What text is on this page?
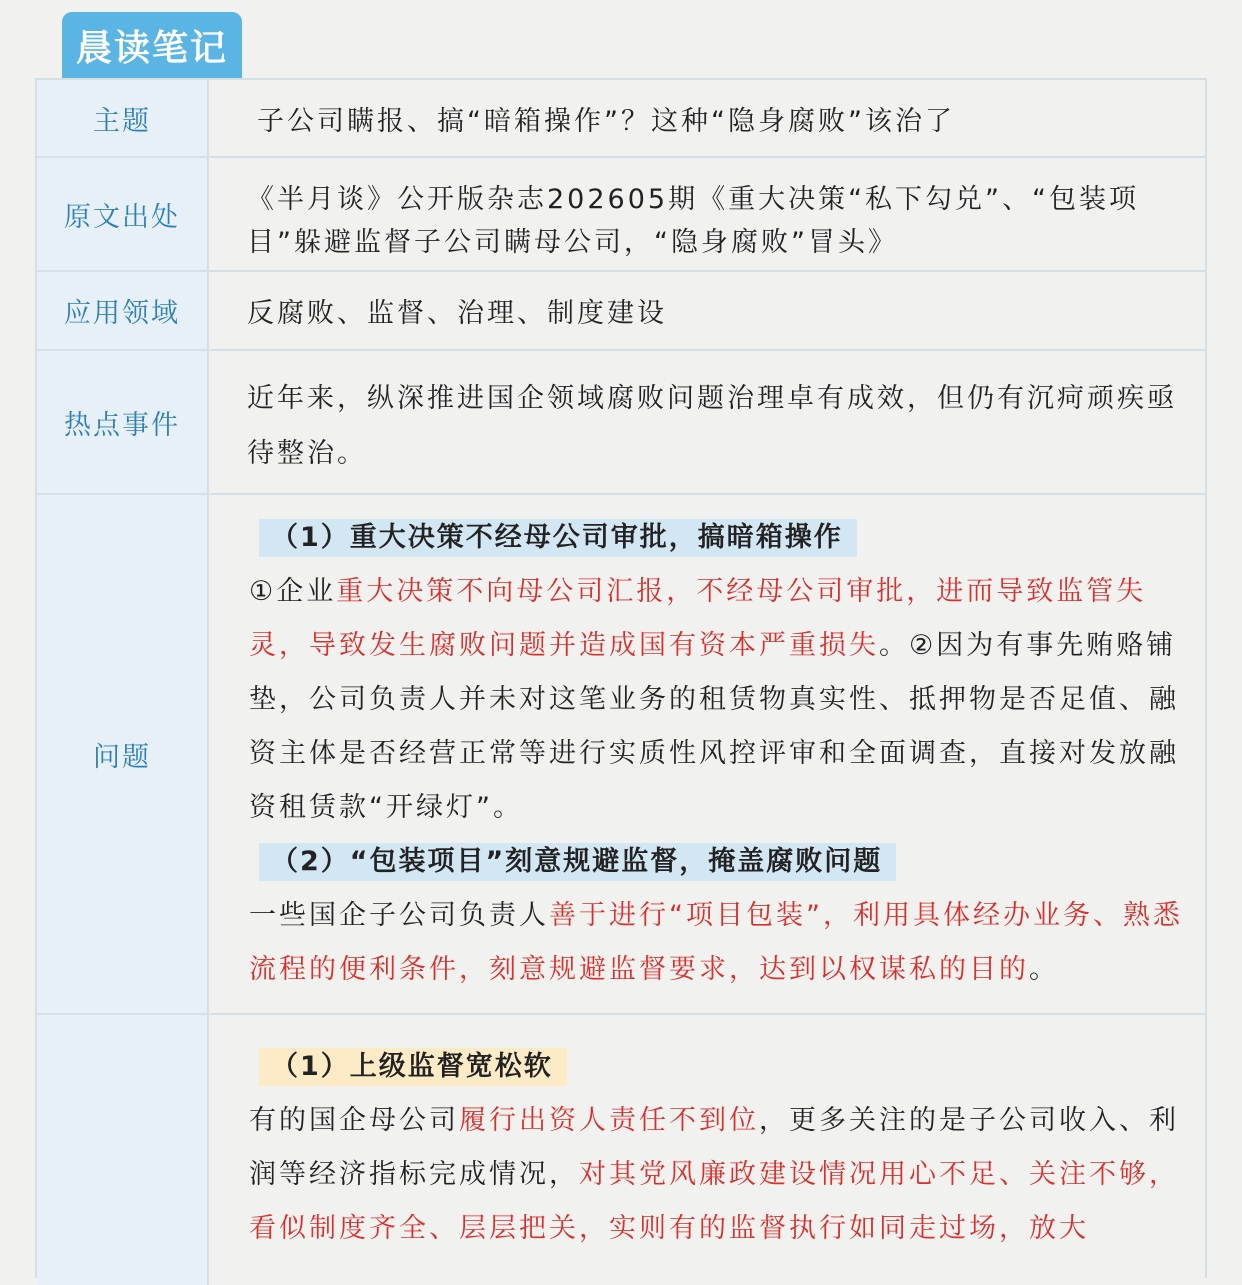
晨读笔记
主题	子公司瞒报、搞“暗箱操作”？这种“隐身腐败”该治了
原文出处

《半月谈》公开版杂志202605期《重大决策“私下勾兑”、“包装项

目”躲避监督子公司瞒母公司，“隐身腐败”冒头》

应用领域	反腐败、监督、治理、制度建设
热点事件

近年来，纵深推进国企领域腐败问题治理卓有成效，但仍有沉疴顽疾亟待整治。

问题
（1）重大决策不经母公司审批，搞暗箱操作

①企业重大决策不向母公司汇报，不经母公司审批，进而导致监管失灵，导致发生腐败问题并造成国有资本严重损失。②因为有事先贿赂铺垫，公司负责人并未对这笔业务的租赁物真实性、抵押物是否足值、融资主体是否经营正常等进行实质性风控评审和全面调查，直接对发放融资租赁款“开绿灯”。

（2）“包装项目”刻意规避监督，掩盖腐败问题

一些国企子公司负责人善于进行“项目包装”，利用具体经办业务、熟悉流程的便利条件，刻意规避监督要求，达到以权谋私的目的。

（1）上级监督宽松软

有的国企母公司履行出资人责任不到位，更多关注的是子公司收入、利润等经济指标完成情况，对其党风廉政建设情况用心不足、关注不够，看似制度齐全、层层把关，实则有的监督执行如同走过场，放大
